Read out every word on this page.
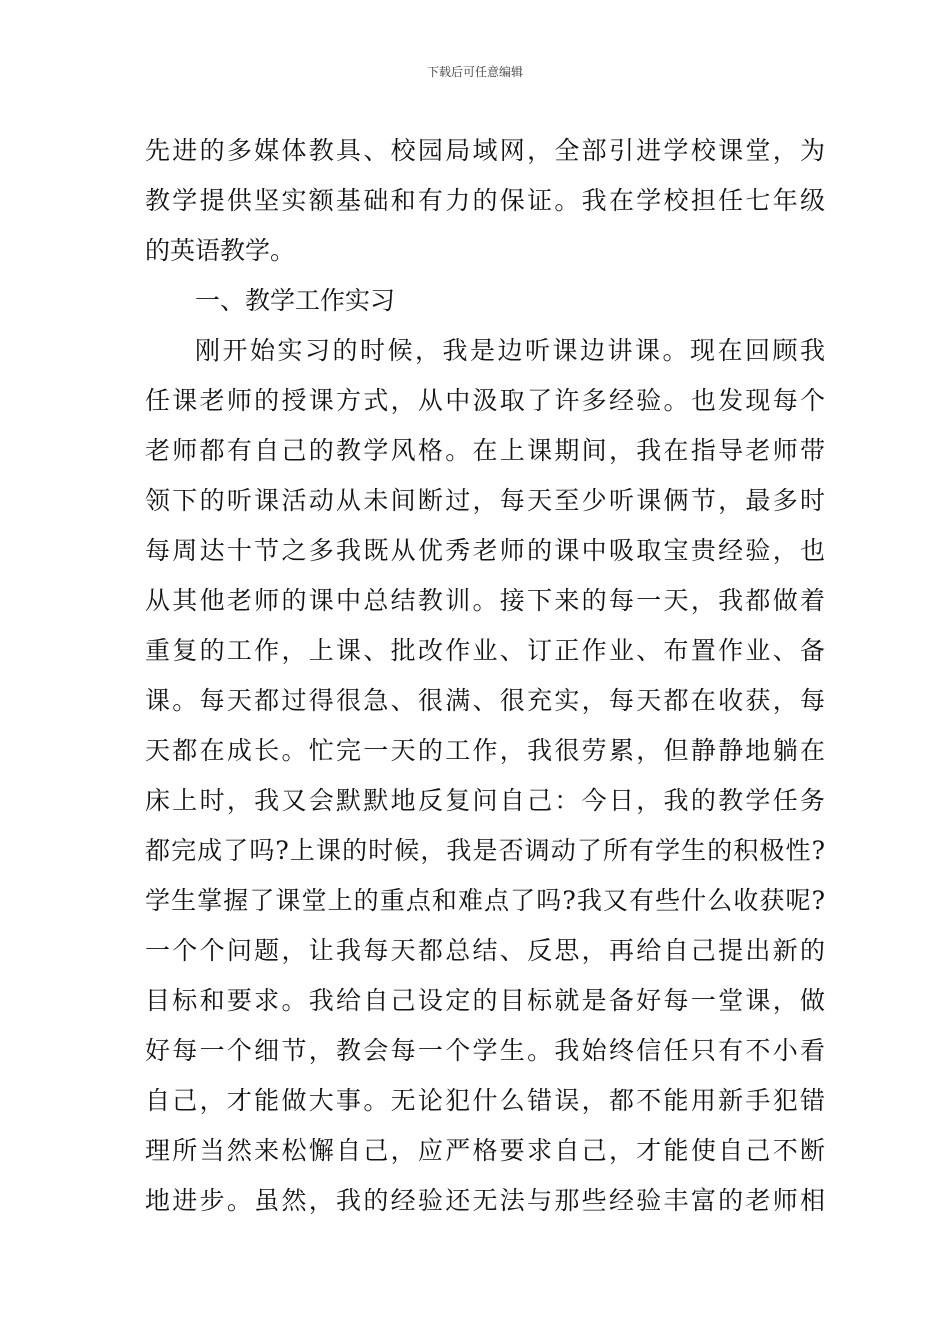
下载后可任意编辑
先进的多媒体教具、校园局域网，全部引进学校课堂，为
教学提供坚实额基础和有力的保证。我在学校担任七年级
的英语教学。
一、教学工作实习
刚开始实习的时候，我是边听课边讲课。现在回顾我
任课老师的授课方式，从中汲取了许多经验。也发现每个
老师都有自己的教学风格。在上课期间，我在指导老师带
领下的听课活动从未间断过，每天至少听课俩节，最多时
每周达十节之多我既从优秀老师的课中吸取宝贵经验，也
从其他老师的课中总结教训。接下来的每一天，我都做着
重复的工作，上课、批改作业、订正作业、布置作业、备
课。每天都过得很急、很满、很充实，每天都在收获，每
天都在成长。忙完一天的工作，我很劳累，但静静地躺在
床上时，我又会默默地反复问自己：今日，我的教学任务
都完成了吗?上课的时候，我是否调动了所有学生的积极性?
学生掌握了课堂上的重点和难点了吗?我又有些什么收获呢?
一个个问题，让我每天都总结、反思，再给自己提出新的
目标和要求。我给自己设定的目标就是备好每一堂课，做
好每一个细节，教会每一个学生。我始终信任只有不小看
自己，才能做大事。无论犯什么错误，都不能用新手犯错
理所当然来松懈自己，应严格要求自己，才能使自己不断
地进步。虽然，我的经验还无法与那些经验丰富的老师相
